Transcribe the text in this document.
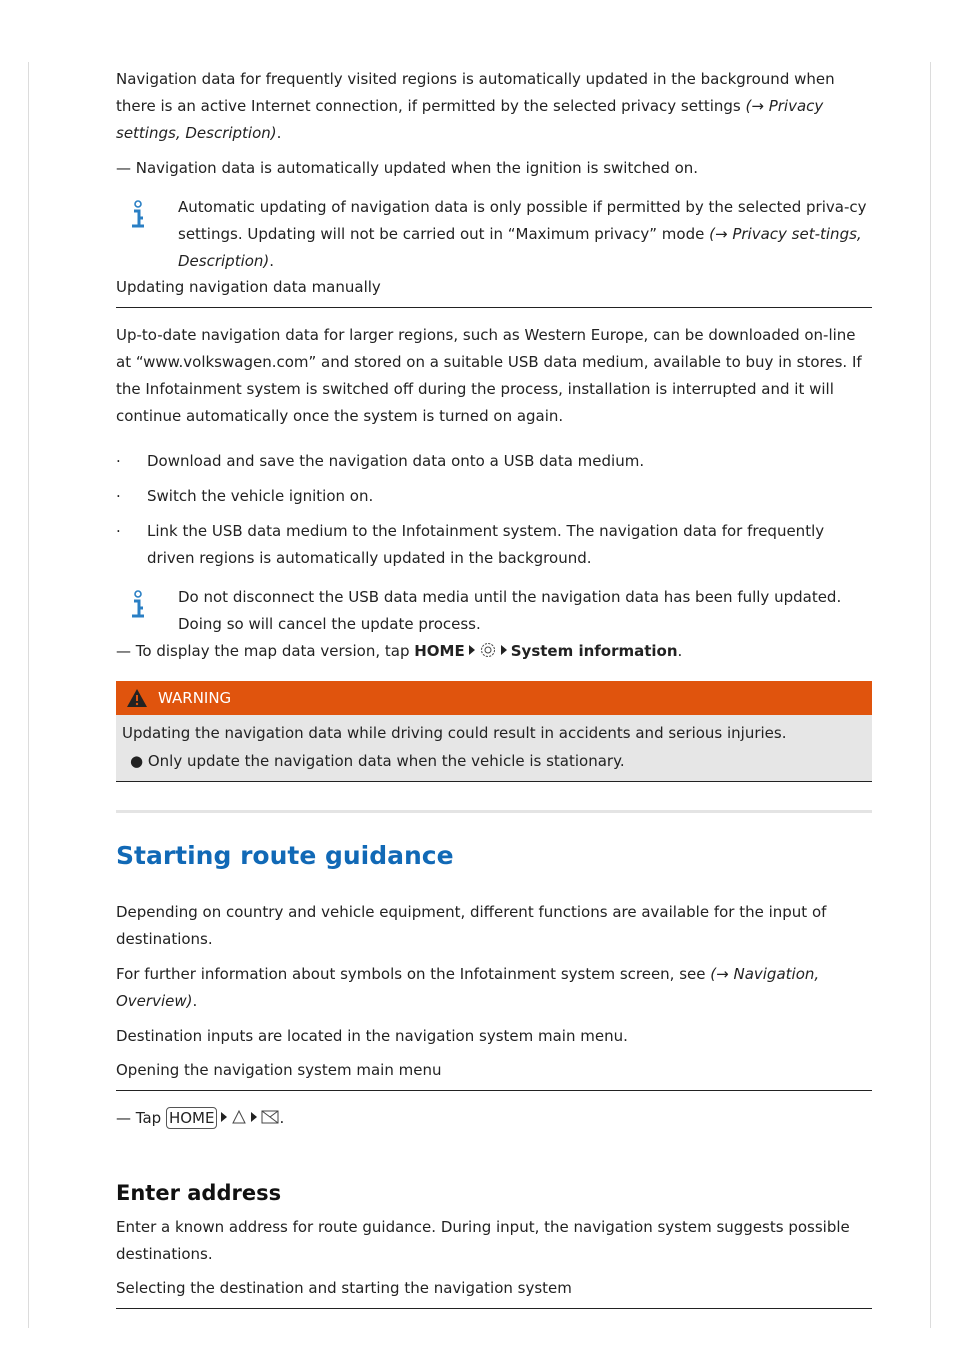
Navigation data for frequently visited regions is automatically updated in the background when there is an active Internet connection, if permitted by the selected privacy settings (→ Privacy settings, Description).

— Navigation data is automatically updated when the ignition is switched on.

Automatic updating of navigation data is only possible if permitted by the selected priva-cy settings. Updating will not be carried out in “Maximum privacy” mode (→ Privacy set-tings, Description).

Updating navigation data manually

Up-to-date navigation data for larger regions, such as Western Europe, can be downloaded on-line at “www.volkswagen.com” and stored on a suitable USB data medium, available to buy in stores. If the Infotainment system is switched off during the process, installation is interrupted and it will continue automatically once the system is turned on again.

. Download and save the navigation data onto a USB data medium.

. Switch the vehicle ignition on.

. Link the USB data medium to the Infotainment system. The navigation data for frequently driven regions is automatically updated in the background.

Do not disconnect the USB data media until the navigation data has been fully updated. Doing so will cancel the update process.

— To display the map data version, tap HOME	System information.

WARNING

Updating the navigation data while driving could result in accidents and serious injuries.

● Only update the navigation data when the vehicle is stationary.

Starting route guidance

Depending on country and vehicle equipment, different functions are available for the input of destinations.

For further information about symbols on the Infotainment system screen, see (→ Navigation, Overview).

Destination inputs are located in the navigation system main menu.

Opening the navigation system main menu

— Tap HOME	.

Enter address

Enter a known address for route guidance. During input, the navigation system suggests possible destinations.

Selecting the destination and starting the navigation system
